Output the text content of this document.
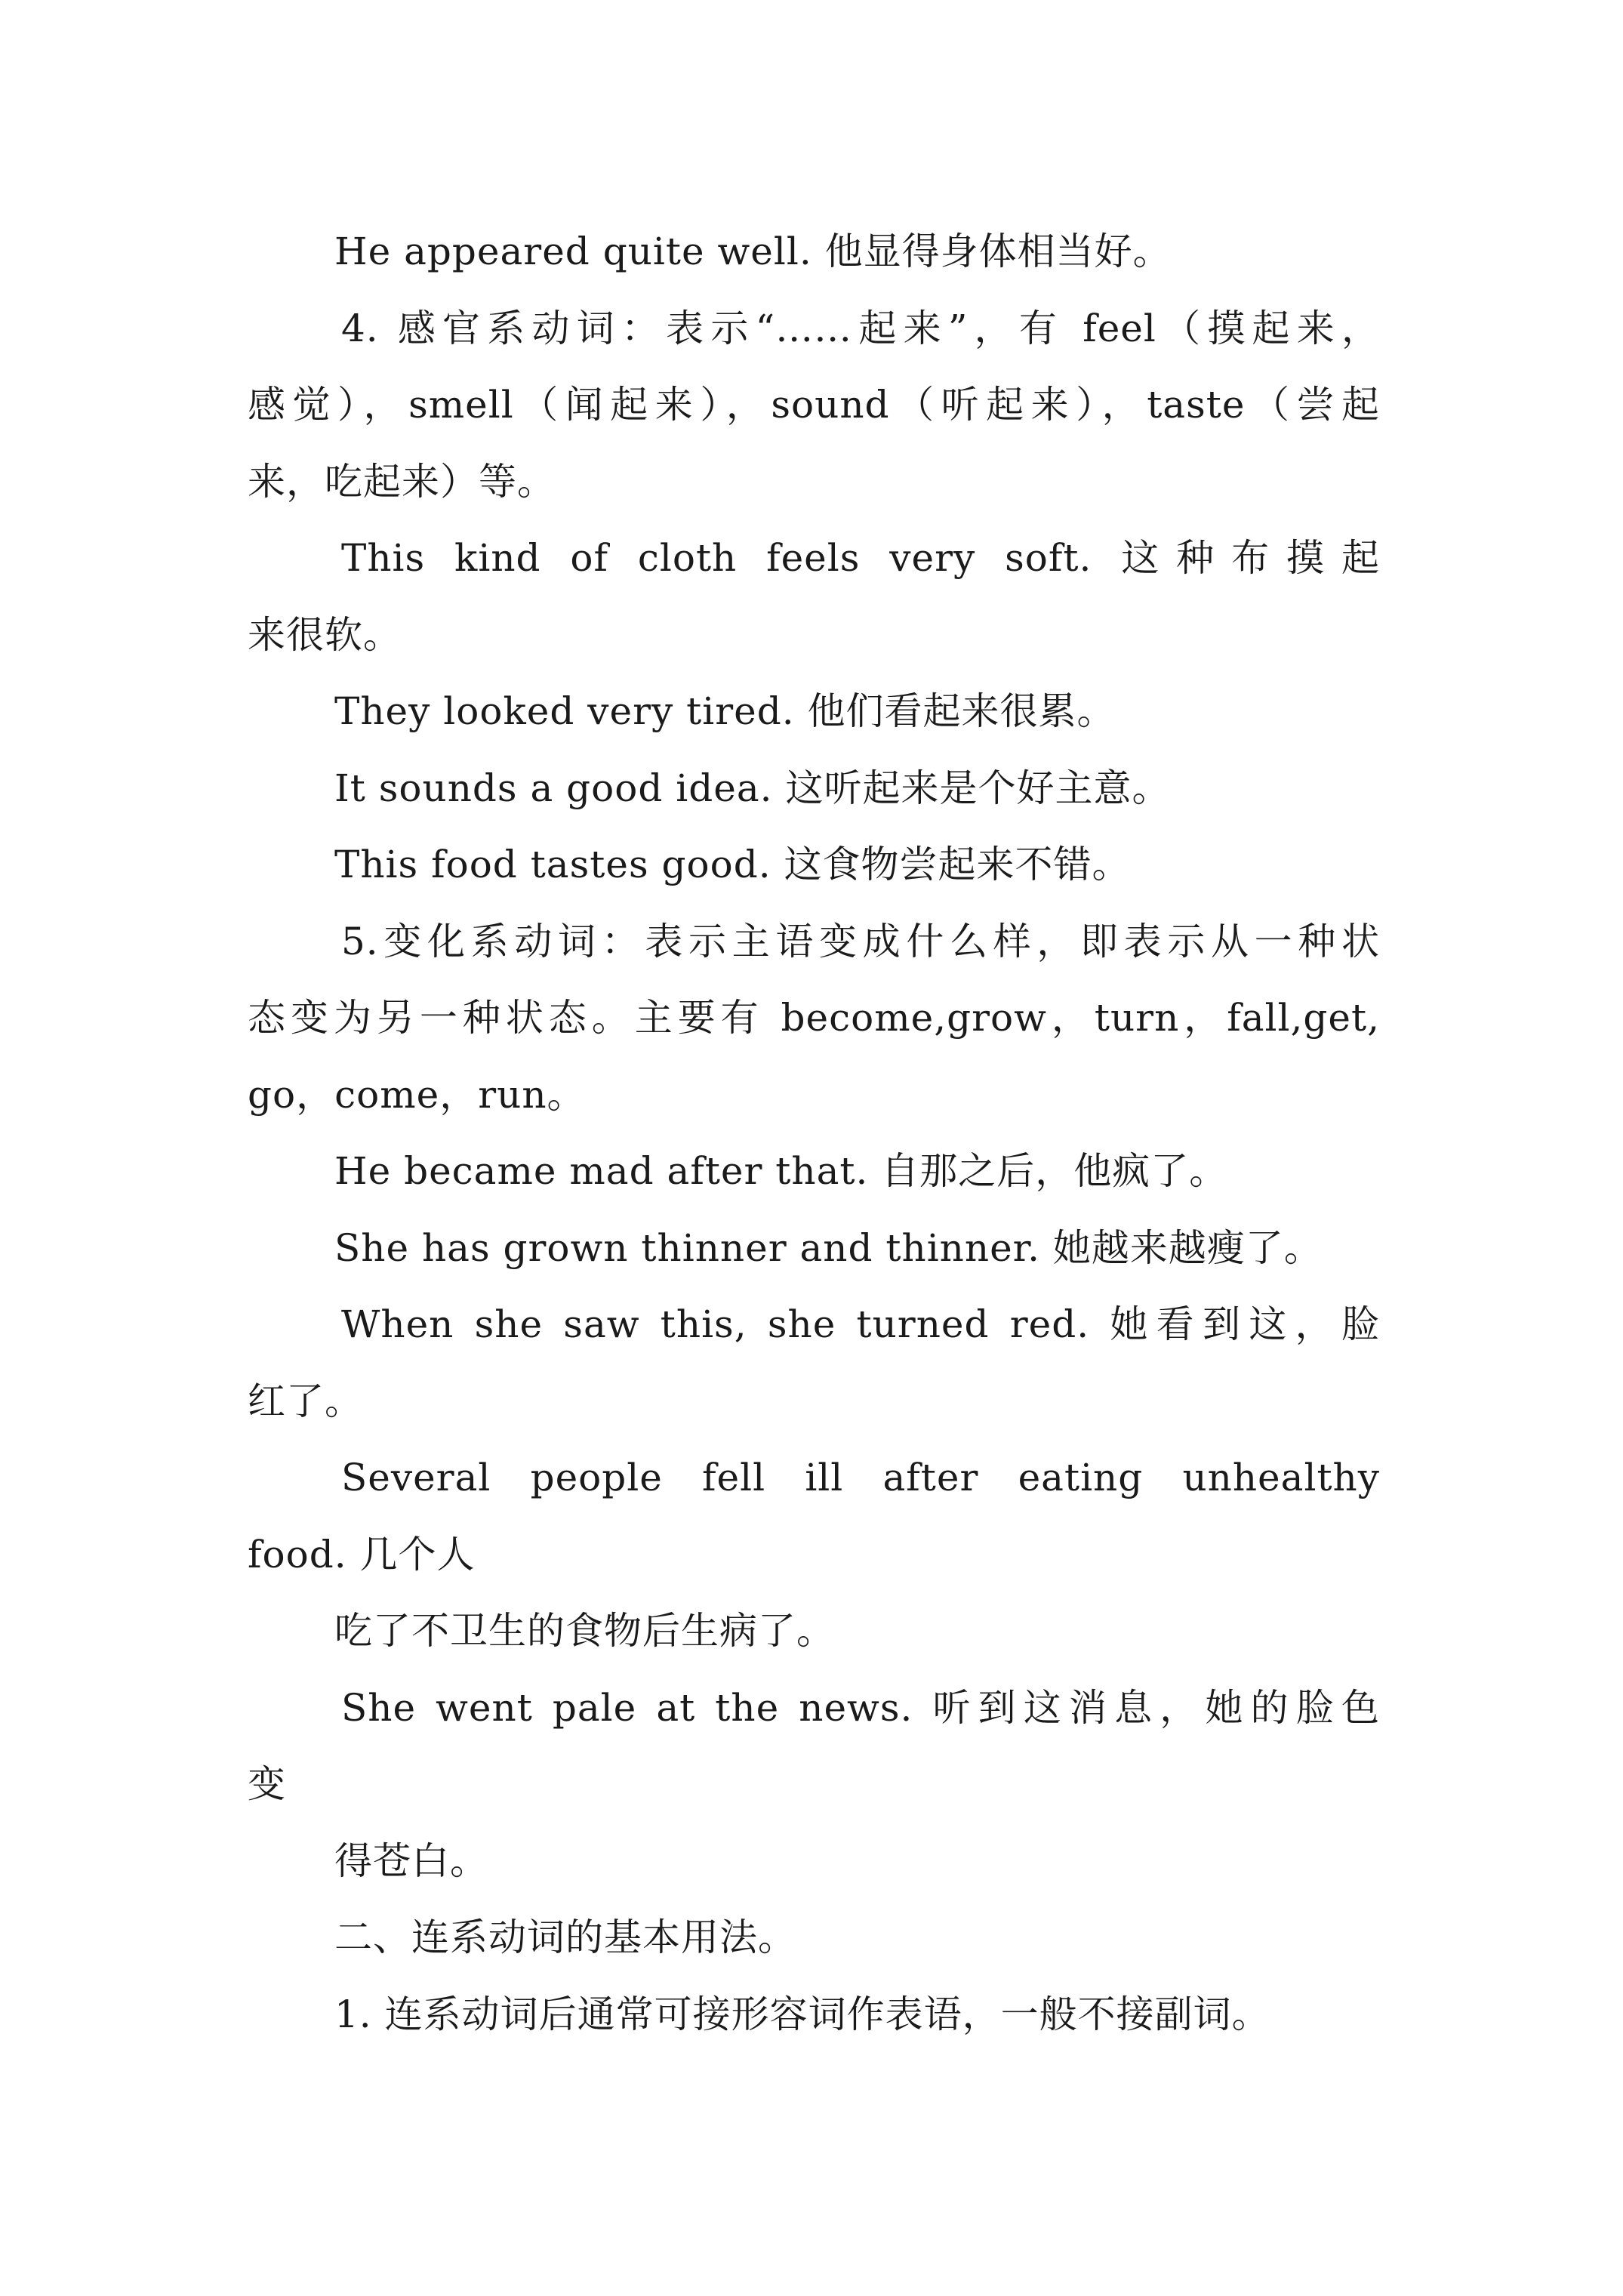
He appeared quite well. 他显得身体相当好。
4. 感官系动词：表示“……起来”，有 feel（摸起来，
感觉），smell（闻起来），sound（听起来），taste（尝起
来，吃起来）等。
This kind of cloth feels very soft. 这种布摸起
来很软。
They looked very tired. 他们看起来很累。
It sounds a good idea. 这听起来是个好主意。
This food tastes good. 这食物尝起来不错。
5.变化系动词：表示主语变成什么样，即表示从一种状
态变为另一种状态。主要有 become,grow，turn，fall,get,
go，come，run。
He became mad after that. 自那之后，他疯了。
She has grown thinner and thinner. 她越来越瘦了。
When she saw this, she turned red. 她看到这，脸
红了。
Several people fell ill after eating unhealthy
food. 几个人
吃了不卫生的食物后生病了。
She went pale at the news. 听到这消息，她的脸色
变
得苍白。
二、连系动词的基本用法。
1. 连系动词后通常可接形容词作表语，一般不接副词。
